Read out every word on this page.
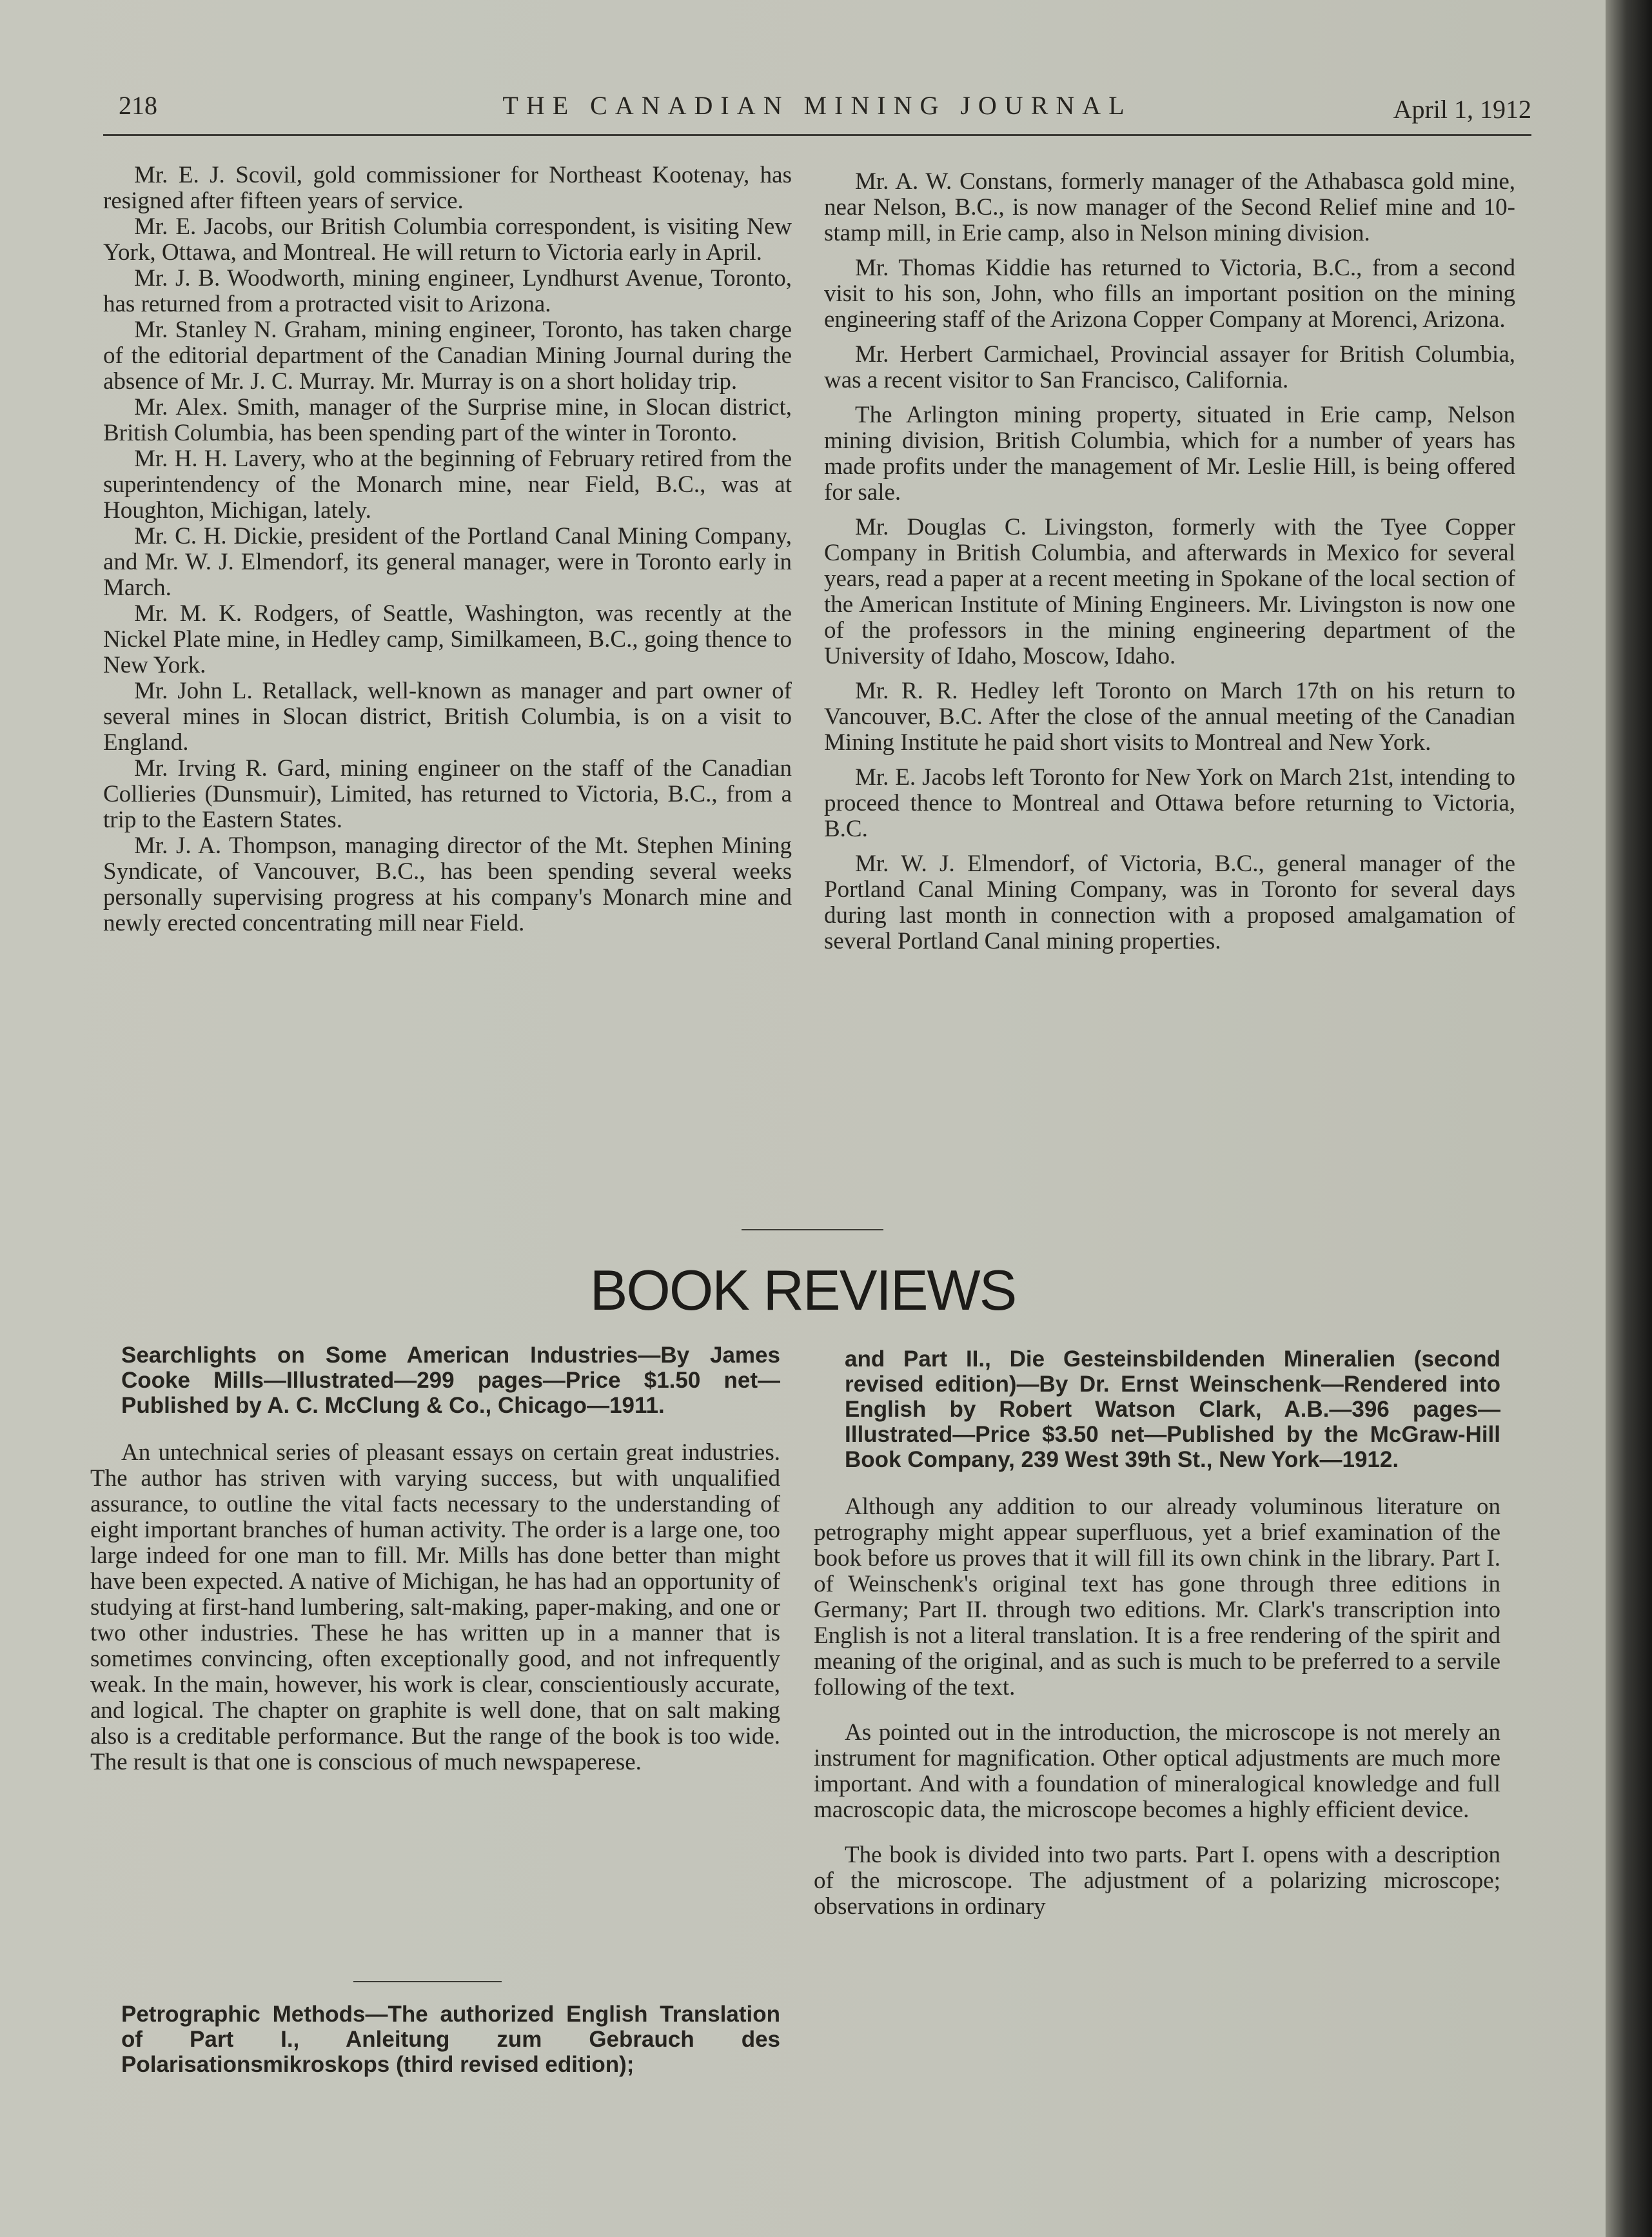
218	THE CANADIAN MINING JOURNAL	April 1, 1912

Mr. E. J. Scovil, gold commissioner for Northeast Kootenay, has resigned after fifteen years of service.

Mr. E. Jacobs, our British Columbia correspondent, is visiting New York, Ottawa, and Montreal. He will return to Victoria early in April.

Mr. J. B. Woodworth, mining engineer, Lyndhurst Avenue, Toronto, has returned from a protracted visit to Arizona.

Mr. Stanley N. Graham, mining engineer, Toronto, has taken charge of the editorial department of the Canadian Mining Journal during the absence of Mr. J. C. Murray. Mr. Murray is on a short holiday trip.

Mr. Alex. Smith, manager of the Surprise mine, in Slocan district, British Columbia, has been spending part of the winter in Toronto.

Mr. H. H. Lavery, who at the beginning of February retired from the superintendency of the Monarch mine, near Field, B.C., was at Houghton, Michigan, lately.

Mr. C. H. Dickie, president of the Portland Canal Mining Company, and Mr. W. J. Elmendorf, its general manager, were in Toronto early in March.

Mr. M. K. Rodgers, of Seattle, Washington, was recently at the Nickel Plate mine, in Hedley camp, Similkameen, B.C., going thence to New York.

Mr. John L. Retallack, well-known as manager and part owner of several mines in Slocan district, British Columbia, is on a visit to England.

Mr. Irving R. Gard, mining engineer on the staff of the Canadian Collieries (Dunsmuir), Limited, has returned to Victoria, B.C., from a trip to the Eastern States.

Mr. J. A. Thompson, managing director of the Mt. Stephen Mining Syndicate, of Vancouver, B.C., has been spending several weeks personally supervising progress at his company's Monarch mine and newly erected concentrating mill near Field.

Mr. A. W. Constans, formerly manager of the Athabasca gold mine, near Nelson, B.C., is now manager of the Second Relief mine and 10-stamp mill, in Erie camp, also in Nelson mining division.

Mr. Thomas Kiddie has returned to Victoria, B.C., from a second visit to his son, John, who fills an important position on the mining engineering staff of the Arizona Copper Company at Morenci, Arizona.

Mr. Herbert Carmichael, Provincial assayer for British Columbia, was a recent visitor to San Francisco, California.

The Arlington mining property, situated in Erie camp, Nelson mining division, British Columbia, which for a number of years has made profits under the management of Mr. Leslie Hill, is being offered for sale.

Mr. Douglas C. Livingston, formerly with the Tyee Copper Company in British Columbia, and afterwards in Mexico for several years, read a paper at a recent meeting in Spokane of the local section of the American Institute of Mining Engineers. Mr. Livingston is now one of the professors in the mining engineering department of the University of Idaho, Moscow, Idaho.

Mr. R. R. Hedley left Toronto on March 17th on his return to Vancouver, B.C. After the close of the annual meeting of the Canadian Mining Institute he paid short visits to Montreal and New York.

Mr. E. Jacobs left Toronto for New York on March 21st, intending to proceed thence to Montreal and Ottawa before returning to Victoria, B.C.

Mr. W. J. Elmendorf, of Victoria, B.C., general manager of the Portland Canal Mining Company, was in Toronto for several days during last month in connection with a proposed amalgamation of several Portland Canal mining properties.

BOOK REVIEWS

Searchlights on Some American Industries—By James Cooke Mills—Illustrated—299 pages—Price $1.50 net—Published by A. C. McClung & Co., Chicago—1911.

An untechnical series of pleasant essays on certain great industries. The author has striven with varying success, but with unqualified assurance, to outline the vital facts necessary to the understanding of eight important branches of human activity. The order is a large one, too large indeed for one man to fill. Mr. Mills has done better than might have been expected. A native of Michigan, he has had an opportunity of studying at first-hand lumbering, salt-making, paper-making, and one or two other industries. These he has written up in a manner that is sometimes convincing, often exceptionally good, and not infrequently weak. In the main, however, his work is clear, conscientiously accurate, and logical. The chapter on graphite is well done, that on salt making also is a creditable performance. But the range of the book is too wide. The result is that one is conscious of much newspaperese.

Petrographic Methods—The authorized English Translation of Part I., Anleitung zum Gebrauch des Polarisationsmikroskops (third revised edition);

and Part II., Die Gesteinsbildenden Mineralien (second revised edition)—By Dr. Ernst Weinschenk—Rendered into English by Robert Watson Clark, A.B.—396 pages—Illustrated—Price $3.50 net—Published by the McGraw-Hill Book Company, 239 West 39th St., New York—1912.

Although any addition to our already voluminous literature on petrography might appear superfluous, yet a brief examination of the book before us proves that it will fill its own chink in the library. Part I. of Weinschenk's original text has gone through three editions in Germany; Part II. through two editions. Mr. Clark's transcription into English is not a literal translation. It is a free rendering of the spirit and meaning of the original, and as such is much to be preferred to a servile following of the text.

As pointed out in the introduction, the microscope is not merely an instrument for magnification. Other optical adjustments are much more important. And with a foundation of mineralogical knowledge and full macroscopic data, the microscope becomes a highly efficient device.

The book is divided into two parts. Part I. opens with a description of the microscope. The adjustment of a polarizing microscope; observations in ordinary
